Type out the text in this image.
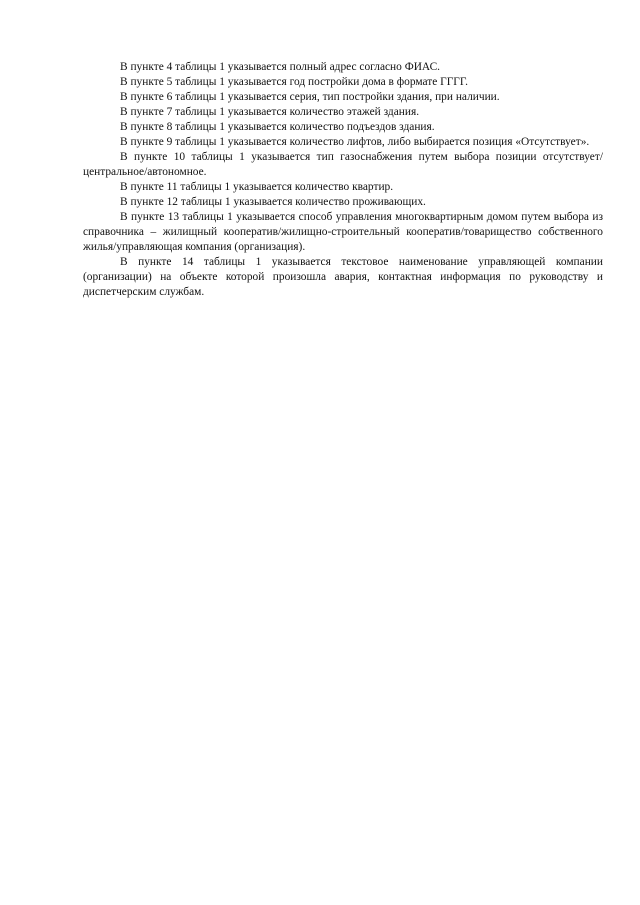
В пункте 4 таблицы 1 указывается полный адрес согласно ФИАС.

В пункте 5 таблицы 1 указывается год постройки дома в формате ГГГГ.

В пункте 6 таблицы 1 указывается серия, тип постройки здания, при наличии.

В пункте 7 таблицы 1 указывается количество этажей здания.

В пункте 8 таблицы 1 указывается количество подъездов здания.

В пункте 9 таблицы 1 указывается количество лифтов, либо выбирается позиция «Отсутствует».

В пункте 10 таблицы 1 указывается тип газоснабжения путем выбора позиции отсутствует/центральное/автономное.

В пункте 11 таблицы 1 указывается количество квартир.

В пункте 12 таблицы 1 указывается количество проживающих.

В пункте 13 таблицы 1 указывается способ управления многоквартирным домом путем выбора из справочника – жилищный кооператив/жилищно-строительный кооператив/товарищество собственного жилья/управляющая компания (организация).

В пункте 14 таблицы 1 указывается текстовое наименование управляющей компании (организации) на объекте которой произошла авария, контактная информация по руководству и диспетчерским службам.
